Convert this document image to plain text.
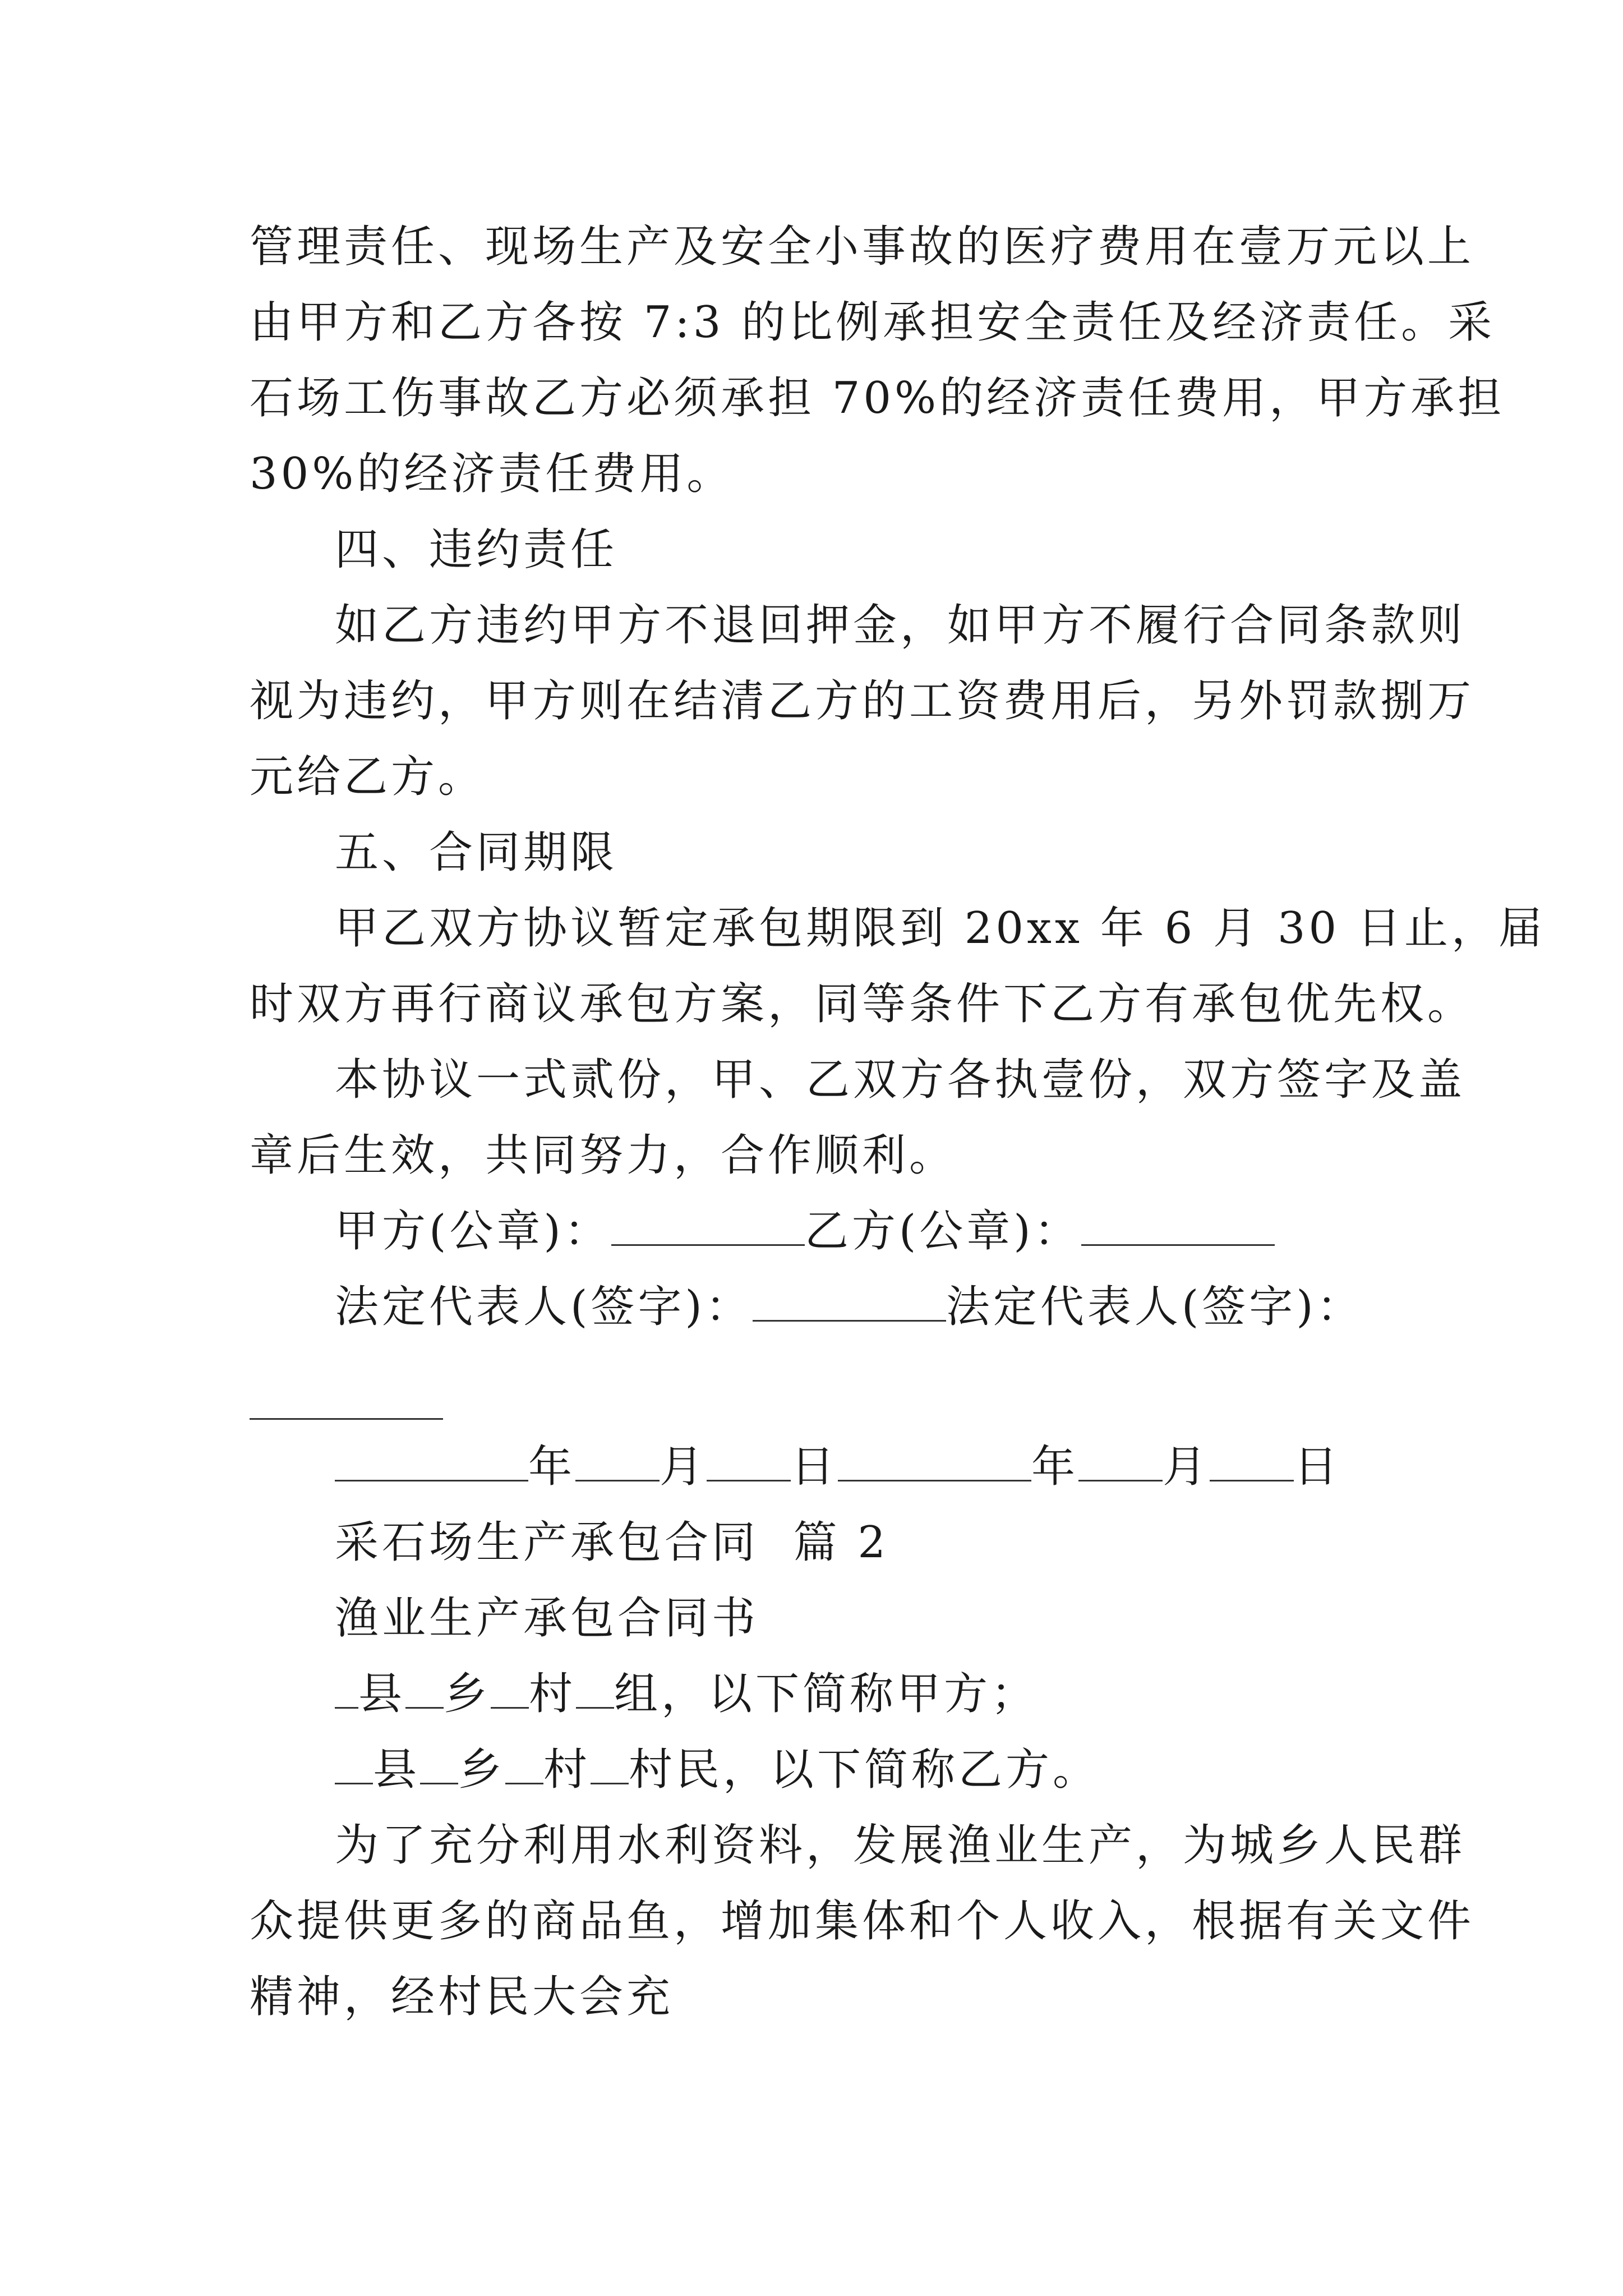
管理责任、现场生产及安全小事故的医疗费用在壹万元以上
由甲方和乙方各按 7:3 的比例承担安全责任及经济责任。采
石场工伤事故乙方必须承担 70%的经济责任费用，甲方承担
30%的经济责任费用。
四、违约责任
如乙方违约甲方不退回押金，如甲方不履行合同条款则
视为违约，甲方则在结清乙方的工资费用后，另外罚款捌万
元给乙方。
五、合同期限
甲乙双方协议暂定承包期限到 20xx 年 6 月 30 日止，届
时双方再行商议承包方案，同等条件下乙方有承包优先权。
本协议一式贰份，甲、乙双方各执壹份，双方签字及盖
章后生效，共同努力，合作顺利。
甲方(公章)：	乙方(公章)：
法定代表人(签字)：	法定代表人(签字)：
年 月 日	年 月 日
采石场生产承包合同  篇 2
渔业生产承包合同书
县 乡 村 组，以下简称甲方；
县 乡 村 村民，以下简称乙方。
为了充分利用水利资料，发展渔业生产，为城乡人民群
众提供更多的商品鱼，增加集体和个人收入，根据有关文件
精神，经村民大会充
